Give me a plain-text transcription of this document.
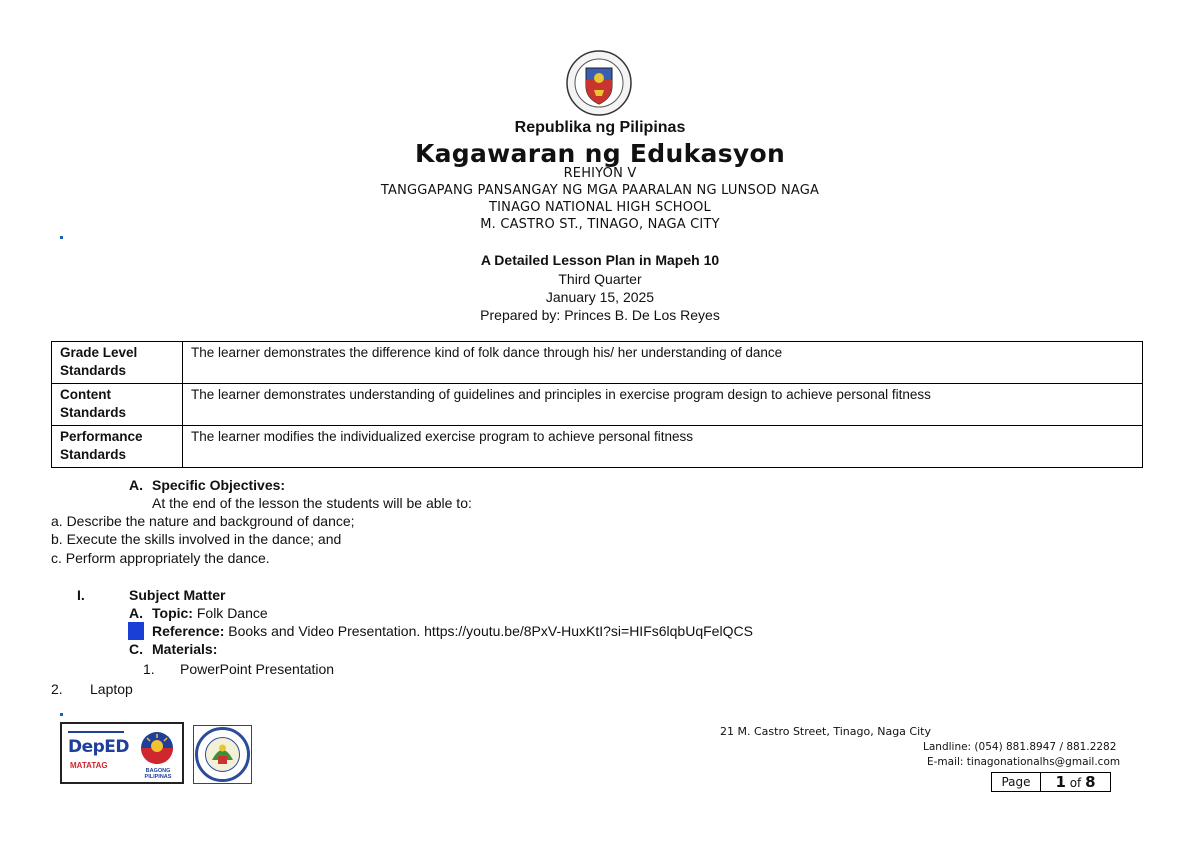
Republika ng Pilipinas
Kagawaran ng Edukasyon
REHIYON V
TANGGAPANG PANSANGAY NG MGA PAARALAN NG LUNSOD NAGA
TINAGO NATIONAL HIGH SCHOOL
M. CASTRO ST., TINAGO, NAGA CITY
A Detailed Lesson Plan in Mapeh 10
Third Quarter
January 15, 2025
Prepared by: Princes B. De Los Reyes
Grade Level Standards	The learner demonstrates the difference kind of folk dance through his/ her understanding of dance
Content Standards	The learner demonstrates understanding of guidelines and principles in exercise program design to achieve personal fitness
Performance Standards	The learner modifies the individualized exercise program to achieve personal fitness
A. Specific Objectives:
At the end of the lesson the students will be able to:
a. Describe the nature and background of dance;
b. Execute the skills involved in the dance; and
c. Perform appropriately the dance.
I.	Subject Matter
A. Topic: Folk Dance
B. Reference: Books and Video Presentation. https://youtu.be/8PxV-HuxKtI?si=HIFs6lqbUqFelQCS
C. Materials:
1. PowerPoint Presentation
2. Laptop
DepED
MATATAG
BAGONG PILIPINAS
21 M. Castro Street, Tinago, Naga City
Landline: (054) 881.8947 / 881.2282
E-mail: tinagonationalhs@gmail.com
Page	1 of 8
